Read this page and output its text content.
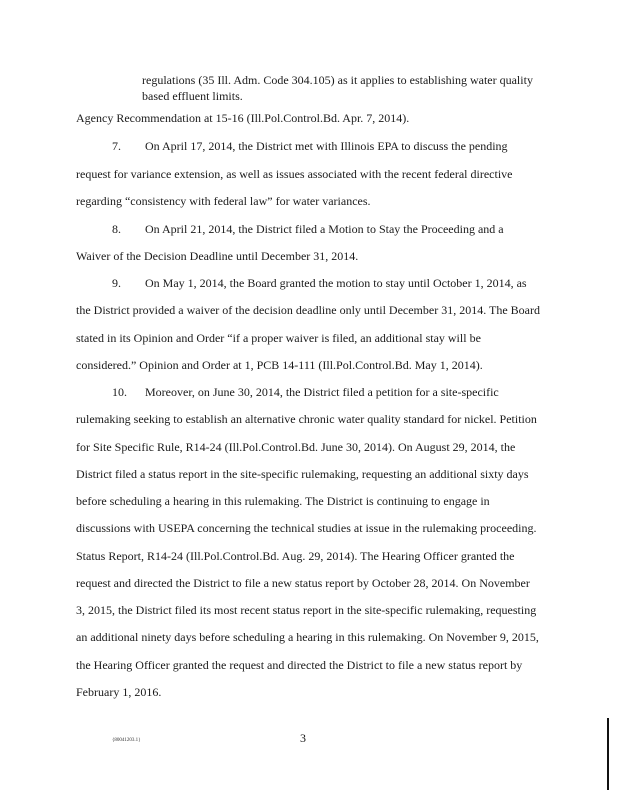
regulations (35 Ill. Adm. Code 304.105) as it applies to establishing water quality
based effluent limits.
Agency Recommendation at 15-16 (Ill.Pol.Control.Bd. Apr. 7, 2014).
7. On April 17, 2014, the District met with Illinois EPA to discuss the pending
request for variance extension, as well as issues associated with the recent federal directive
regarding “consistency with federal law” for water variances.
8. On April 21, 2014, the District filed a Motion to Stay the Proceeding and a
Waiver of the Decision Deadline until December 31, 2014.
9. On May 1, 2014, the Board granted the motion to stay until October 1, 2014, as
the District provided a waiver of the decision deadline only until December 31, 2014. The Board
stated in its Opinion and Order “if a proper waiver is filed, an additional stay will be
considered.” Opinion and Order at 1, PCB 14-111 (Ill.Pol.Control.Bd. May 1, 2014).
10. Moreover, on June 30, 2014, the District filed a petition for a site-specific
rulemaking seeking to establish an alternative chronic water quality standard for nickel. Petition
for Site Specific Rule, R14-24 (Ill.Pol.Control.Bd. June 30, 2014). On August 29, 2014, the
District filed a status report in the site-specific rulemaking, requesting an additional sixty days
before scheduling a hearing in this rulemaking. The District is continuing to engage in
discussions with USEPA concerning the technical studies at issue in the rulemaking proceeding.
Status Report, R14-24 (Ill.Pol.Control.Bd. Aug. 29, 2014). The Hearing Officer granted the
request and directed the District to file a new status report by October 28, 2014. On November
3, 2015, the District filed its most recent status report in the site-specific rulemaking, requesting
an additional ninety days before scheduling a hearing in this rulemaking. On November 9, 2015,
the Hearing Officer granted the request and directed the District to file a new status report by
February 1, 2016.
3
{80041203.1}
